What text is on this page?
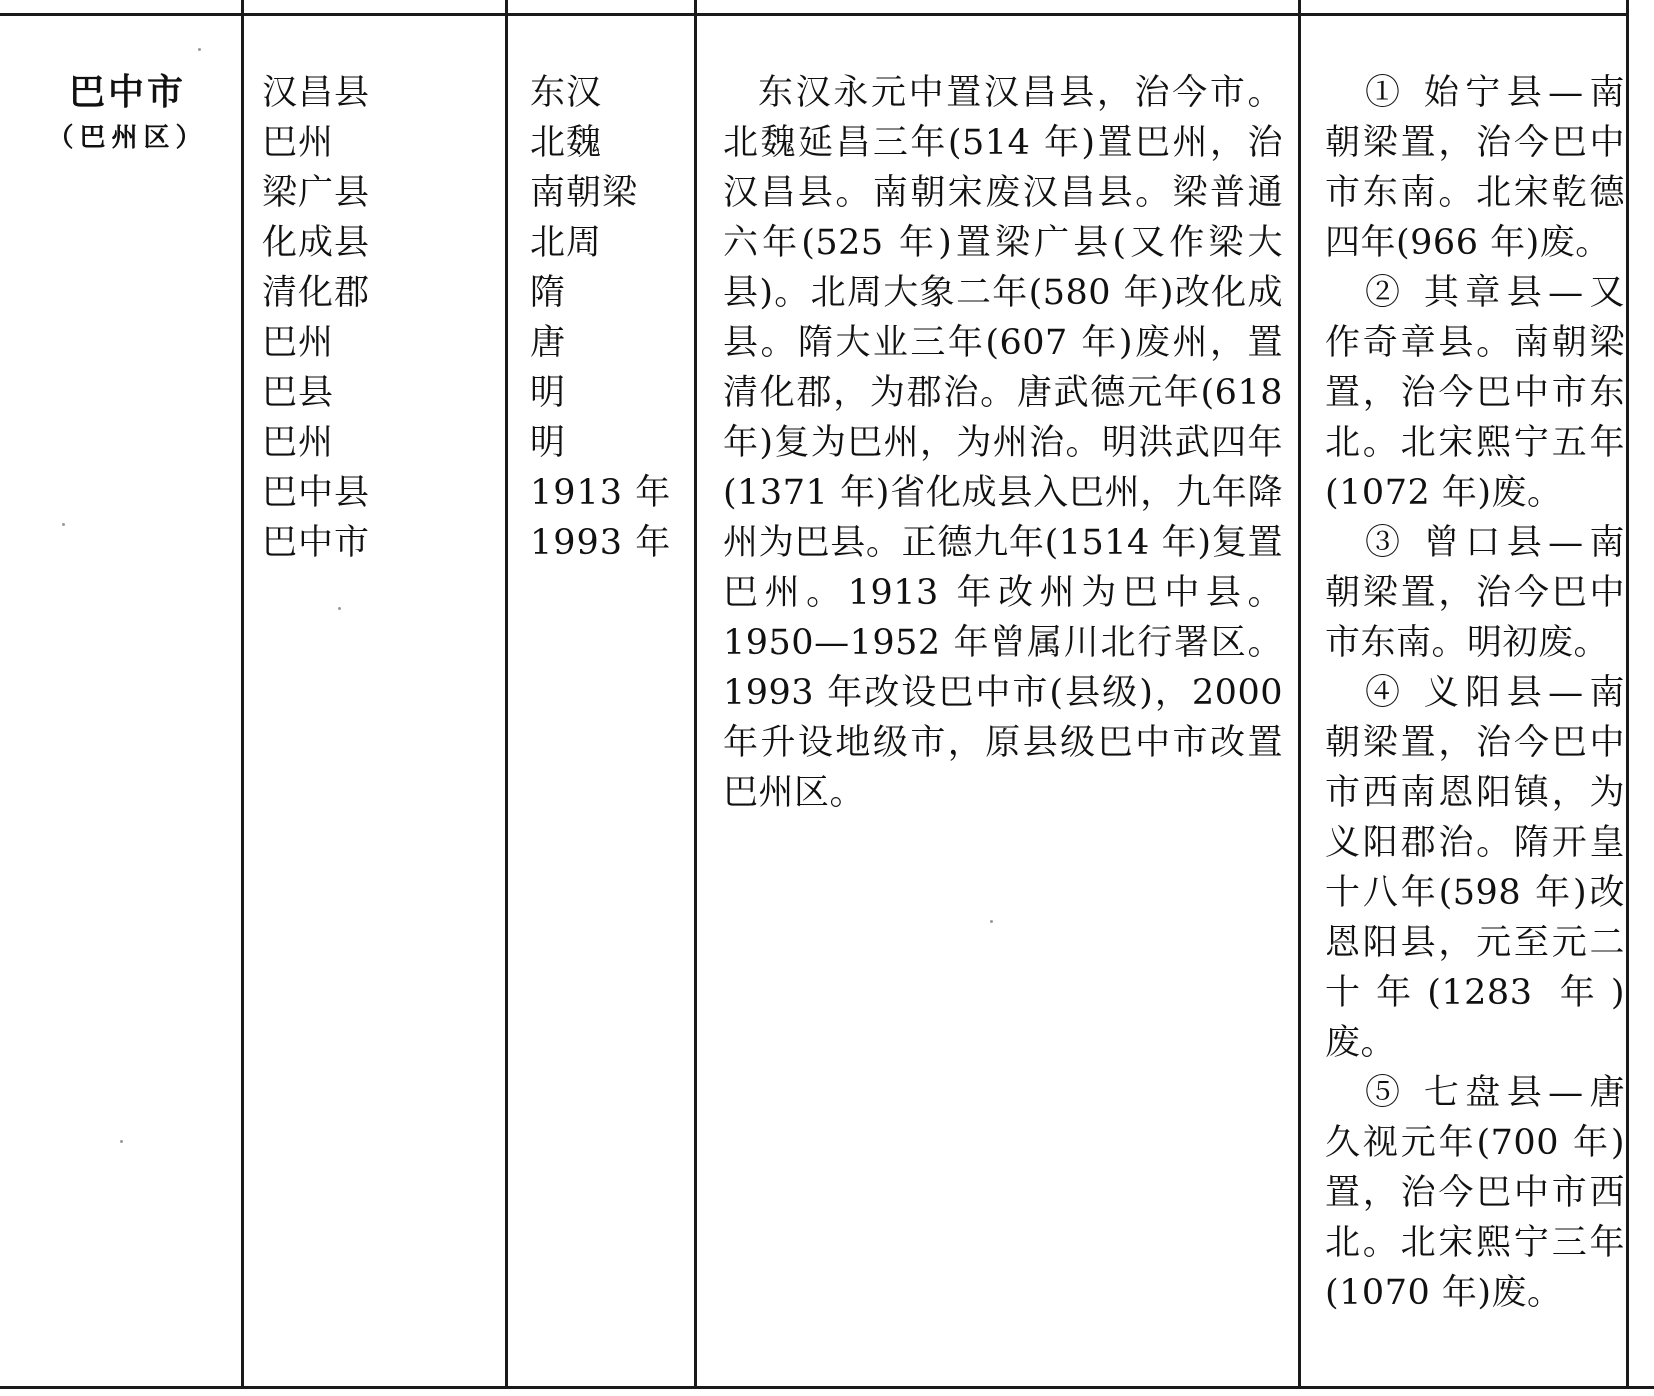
巴中市
（巴州区）
汉昌县
巴州
梁广县
化成县
清化郡
巴州
巴县
巴州
巴中县
巴中市
东汉
北魏
南朝梁
北周
隋
唐
明
明
1913 年
1993 年
东汉永元中置汉昌县，治今市。北魏延昌三年(514 年)置巴州，治汉昌县。南朝宋废汉昌县。梁普通六年(525 年)置梁广县(又作梁大县)。北周大象二年(580 年)改化成县。隋大业三年(607 年)废州，置清化郡，为郡治。唐武德元年(618 年)复为巴州，为州治。明洪武四年(1371 年)省化成县入巴州，九年降州为巴县。正德九年(1514 年)复置巴州。1913 年改州为巴中县。1950—1952 年曾属川北行署区。1993 年改设巴中市(县级)，2000 年升设地级市，原县级巴中市改置巴州区。
① 始宁县—南朝梁置，治今巴中市东南。北宋乾德四年(966 年)废。
② 其章县—又作奇章县。南朝梁置，治今巴中市东北。北宋熙宁五年(1072 年)废。
③ 曾口县—南朝梁置，治今巴中市东南。明初废。
④ 义阳县—南朝梁置，治今巴中市西南恩阳镇，为义阳郡治。隋开皇十八年(598 年)改恩阳县，元至元二十年(1283 年)废。
⑤ 七盘县—唐久视元年(700 年)置，治今巴中市西北。北宋熙宁三年(1070 年)废。
